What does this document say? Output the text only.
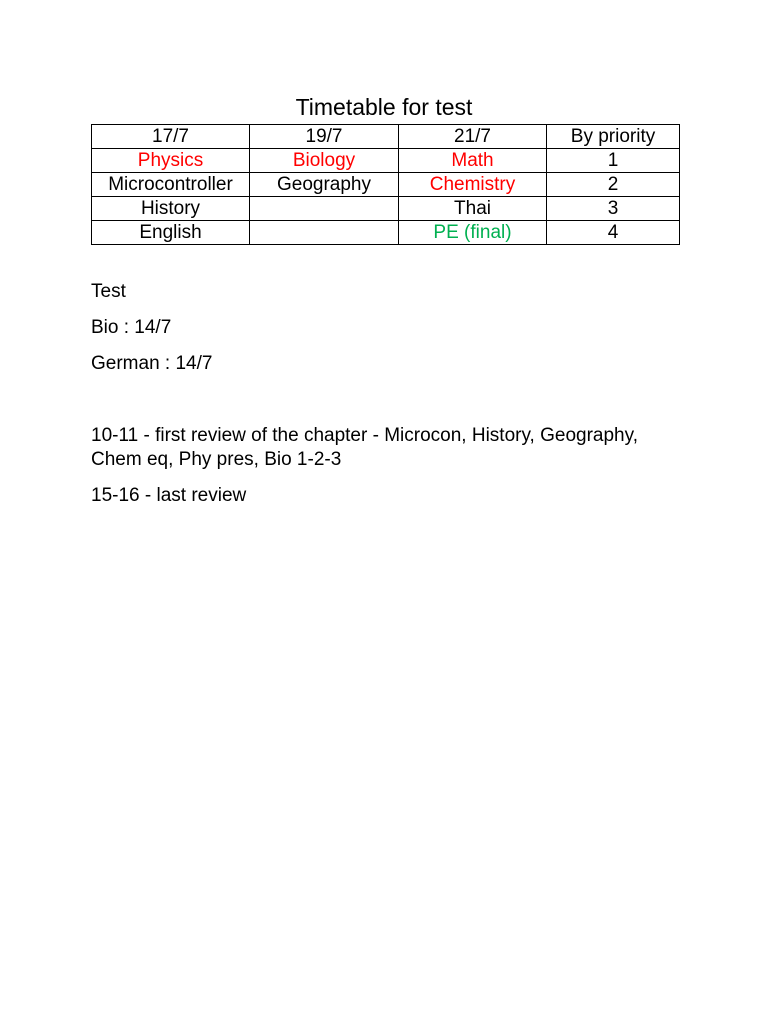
Timetable for test
17/7	19/7	21/7	By priority
Physics	Biology	Math	1
Microcontroller	Geography	Chemistry	2
History		Thai	3
English		PE (final)	4

Test

Bio : 14/7

German : 14/7

10-11 - first review of the chapter - Microcon, History, Geography,

Chem eq, Phy pres, Bio 1-2-3

15-16 - last review
